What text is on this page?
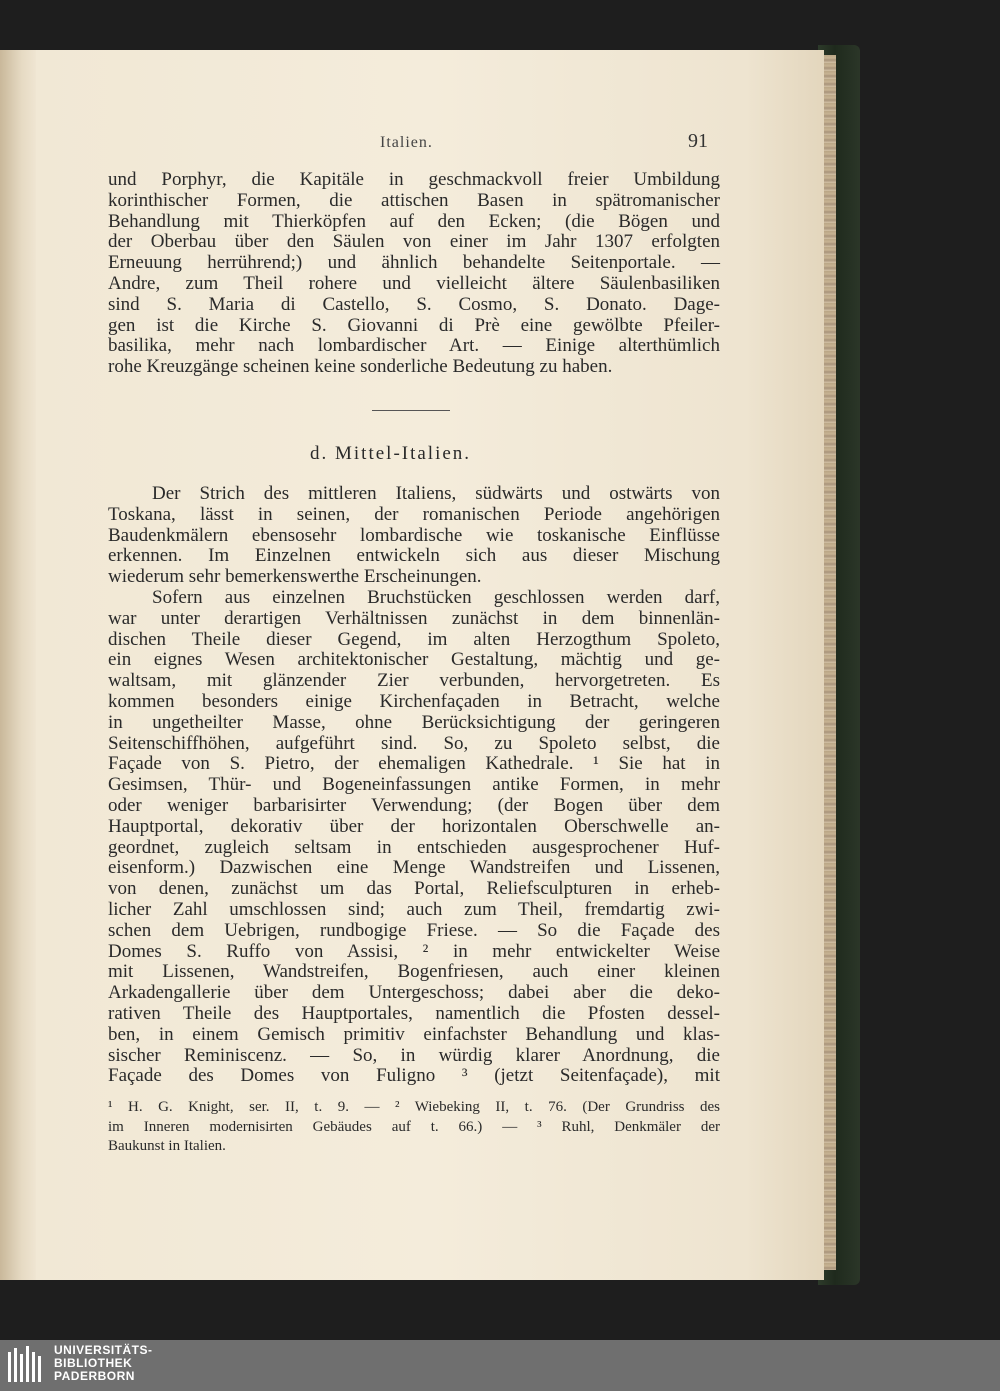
Italien.	91
und Porphyr, die Kapitäle in geschmackvoll freier Umbildung
korinthischer Formen, die attischen Basen in spätromanischer
Behandlung mit Thierköpfen auf den Ecken; (die Bögen und
der Oberbau über den Säulen von einer im Jahr 1307 erfolgten
Erneuung herrührend;) und ähnlich behandelte Seitenportale. —
Andre, zum Theil rohere und vielleicht ältere Säulenbasiliken
sind S. Maria di Castello, S. Cosmo, S. Donato. Dage-
gen ist die Kirche S. Giovanni di Prè eine gewölbte Pfeiler-
basilika, mehr nach lombardischer Art. — Einige alterthümlich
rohe Kreuzgänge scheinen keine sonderliche Bedeutung zu haben.
d. Mittel-Italien.
Der Strich des mittleren Italiens, südwärts und ostwärts von
Toskana, lässt in seinen, der romanischen Periode angehörigen
Baudenkmälern ebensosehr lombardische wie toskanische Einflüsse
erkennen. Im Einzelnen entwickeln sich aus dieser Mischung
wiederum sehr bemerkenswerthe Erscheinungen.
Sofern aus einzelnen Bruchstücken geschlossen werden darf,
war unter derartigen Verhältnissen zunächst in dem binnenlän-
dischen Theile dieser Gegend, im alten Herzogthum Spoleto,
ein eignes Wesen architektonischer Gestaltung, mächtig und ge-
waltsam, mit glänzender Zier verbunden, hervorgetreten. Es
kommen besonders einige Kirchenfaçaden in Betracht, welche
in ungetheilter Masse, ohne Berücksichtigung der geringeren
Seitenschiffhöhen, aufgeführt sind. So, zu Spoleto selbst, die
Façade von S. Pietro, der ehemaligen Kathedrale. ¹ Sie hat in
Gesimsen, Thür- und Bogeneinfassungen antike Formen, in mehr
oder weniger barbarisirter Verwendung; (der Bogen über dem
Hauptportal, dekorativ über der horizontalen Oberschwelle an-
geordnet, zugleich seltsam in entschieden ausgesprochener Huf-
eisenform.) Dazwischen eine Menge Wandstreifen und Lissenen,
von denen, zunächst um das Portal, Reliefsculpturen in erheb-
licher Zahl umschlossen sind; auch zum Theil, fremdartig zwi-
schen dem Uebrigen, rundbogige Friese. — So die Façade des
Domes S. Ruffo von Assisi, ² in mehr entwickelter Weise
mit Lissenen, Wandstreifen, Bogenfriesen, auch einer kleinen
Arkadengallerie über dem Untergeschoss; dabei aber die deko-
rativen Theile des Hauptportales, namentlich die Pfosten dessel-
ben, in einem Gemisch primitiv einfachster Behandlung und klas-
sischer Reminiscenz. — So, in würdig klarer Anordnung, die
Façade des Domes von Fuligno ³ (jetzt Seitenfaçade), mit
¹ H. G. Knight, ser. II, t. 9. — ² Wiebeking II, t. 76. (Der Grundriss des
im Inneren modernisirten Gebäudes auf t. 66.) — ³ Ruhl, Denkmäler der
Baukunst in Italien.
UNIVERSITÄTS-
BIBLIOTHEK
PADERBORN
